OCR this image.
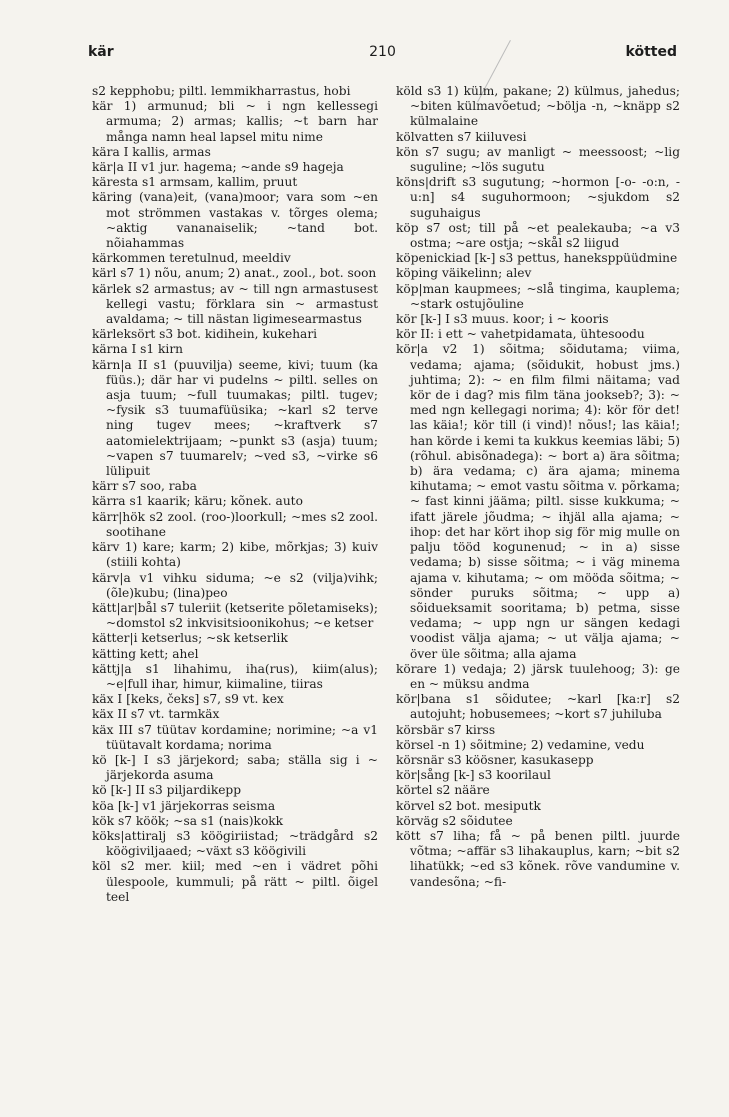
kär	210	kötted
s2 kepphobu; piltl. lemmikharrastus, hobi
kär 1) armunud; bli ~ i ngn kellessegi armuma; 2) armas; kallis; ~t barn har många namn heal lapsel mitu nime
kära I kallis, armas
kär|a II v1 jur. hagema; ~ande s9 hageja
käresta s1 armsam, kallim, pruut
käring (vana)eit, (vana)moor; vara som ~en mot strömmen vastakas v. tõrges olema; ~aktig vananaiselik; ~tand bot. nõiahammas
kärkommen teretulnud, meeldiv
kärl s7 1) nõu, anum; 2) anat., zool., bot. soon
kärlek s2 armastus; av ~ till ngn armastusest kellegi vastu; förklara sin ~ armastust avaldama; ~ till nästan ligimesearmastus
kärleksört s3 bot. kidihein, kukehari
kärna I s1 kirn
kärn|a II s1 (puuvilja) seeme, kivi; tuum (ka füüs.); där har vi pudelns ~ piltl. selles on asja tuum; ~full tuumakas; piltl. tugev; ~fysik s3 tuumafüüsika; ~karl s2 terve ning tugev mees; ~kraftverk s7 aatomielektrijaam; ~punkt s3 (asja) tuum; ~vapen s7 tuumarelv; ~ved s3, ~virke s6 lülipuit
kärr s7 soo, raba
kärra s1 kaarik; käru; kõnek. auto
kärr|hök s2 zool. (roo-)loorkull; ~mes s2 zool. sootihane
kärv 1) kare; karm; 2) kibe, mõrkjas; 3) kuiv (stiili kohta)
kärv|a v1 vihku siduma; ~e s2 (vilja)vihk; (õle)kubu; (lina)peo
kätt|ar|bål s7 tuleriit (ketserite põletamiseks); ~domstol s2 inkvisitsioonikohus; ~e ketser
kätter|i ketserlus; ~sk ketserlik
kätting kett; ahel
kättj|a s1 lihahimu, iha(rus), kiim(alus); ~e|full ihar, himur, kiimaline, tiiras
käx I [keks, čeks] s7, s9 vt. kex
käx II s7 vt. tarmkäx
käx III s7 tüütav kordamine; norimine; ~a v1 tüütavalt kordama; norima
kö [k-] I s3 järjekord; saba; ställa sig i ~ järjekorda asuma
kö [k-] II s3 piljardikepp
köa [k-] v1 järjekorras seisma
kök s7 köök; ~sa s1 (nais)kokk
köks|attiralj s3 köögiriistad; ~trädgård s2 köögiviljaaed; ~växt s3 köögivili
köl s2 mer. kiil; med ~en i vädret põhi ülespoole, kummuli; på rätt ~ piltl. õigel teel
köld s3 1) külm, pakane; 2) külmus, jahedus; ~biten külmavõetud; ~bölja -n, ~knäpp s2 külmalaine
kölvatten s7 kiiluvesi
kön s7 sugu; av manligt ~ meessoost; ~lig suguline; ~lös sugutu
köns|drift s3 sugutung; ~hormon [-o- -o:n, -u:n] s4 suguhormoon; ~sjukdom s2 suguhaigus
köp s7 ost; till på ~et pealekauba; ~a v3 ostma; ~are ostja; ~skål s2 liigud
köpenickiad [k-] s3 pettus, haneksppüüdmine
köping väikelinn; alev
köp|man kaupmees; ~slå tingima, kauplema; ~stark ostujõuline
kör [k-] I s3 muus. koor; i ~ kooris
kör II: i ett ~ vahetpidamata, ühtesoodu
kör|a v2 1) sõitma; sõidutama; viima, vedama; ajama; (sõidukit, hobust jms.) juhtima; 2): ~ en film filmi näitama; vad kör de i dag? mis film täna jookseb?; 3): ~ med ngn kellegagi norima; 4): kör för det! las käia!; kör till (i vind)! nõus!; las käia!; han körde i kemi ta kukkus keemias läbi; 5) (rõhul. abisõnadega): ~ bort a) ära sõitma; b) ära vedama; c) ära ajama; minema kihutama; ~ emot vastu sõitma v. põrkama; ~ fast kinni jääma; piltl. sisse kukkuma; ~ ifatt järele jõudma; ~ ihjäl alla ajama; ~ ihop: det har kört ihop sig för mig mulle on palju tööd kogunenud; ~ in a) sisse vedama; b) sisse sõitma; ~ i väg minema ajama v. kihutama; ~ om mööda sõitma; ~ sönder puruks sõitma; ~ upp a) sõidueksamit sooritama; b) petma, sisse vedama; ~ upp ngn ur sängen kedagi voodist välja ajama; ~ ut välja ajama; ~ över üle sõitma; alla ajama
körare 1) vedaja; 2) järsk tuulehoog; 3): ge en ~ müksu andma
kör|bana s1 sõidutee; ~karl [ka:r] s2 autojuht; hobusemees; ~kort s7 juhiluba
körsbär s7 kirss
körsel -n 1) sõitmine; 2) vedamine, vedu
körsnär s3 köösner, kasukasepp
kör|sång [k-] s3 koorilaul
körtel s2 nääre
körvel s2 bot. mesiputk
körväg s2 sõidutee
kött s7 liha; få ~ på benen piltl. juurde võtma; ~affär s3 lihakauplus, karn; ~bit s2 lihatükk; ~ed s3 kõnek. rõve vandumine v. vandesõna; ~fi-
